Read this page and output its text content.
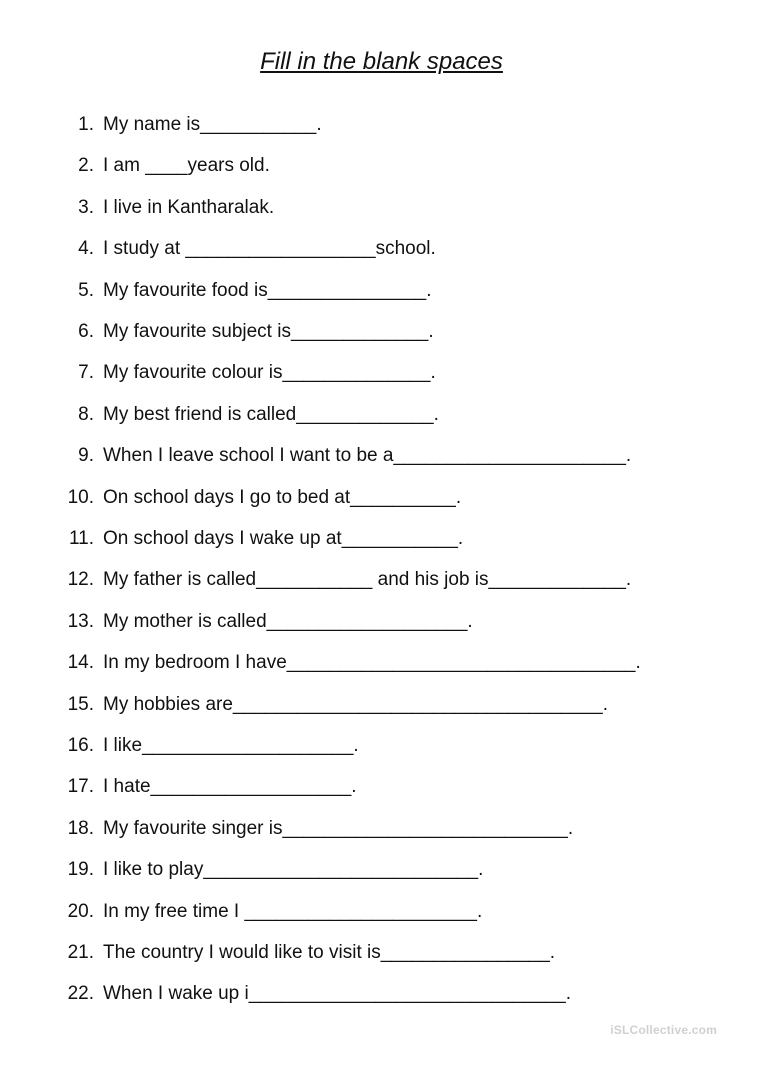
Fill in the blank spaces
1. My name is___________.
2. I am ____years old.
3. I live in Kantharalak.
4. I study at __________________school.
5. My favourite food is_______________.
6. My favourite subject is_____________.
7. My favourite colour is______________.
8. My best friend is called_____________.
9. When I leave school I want to be a______________________.
10. On school days I go to bed at__________.
11. On school days I wake up at___________.
12. My father is called___________ and his job is_____________.
13. My mother is called___________________.
14. In my bedroom I have_________________________________.
15. My hobbies are___________________________________.
16. I like____________________.
17. I hate___________________.
18. My favourite singer is___________________________.
19. I like to play__________________________.
20. In my free time I ______________________.
21. The country I would like to visit is________________.
22. When I wake up i______________________________.
iSLCollective.com
